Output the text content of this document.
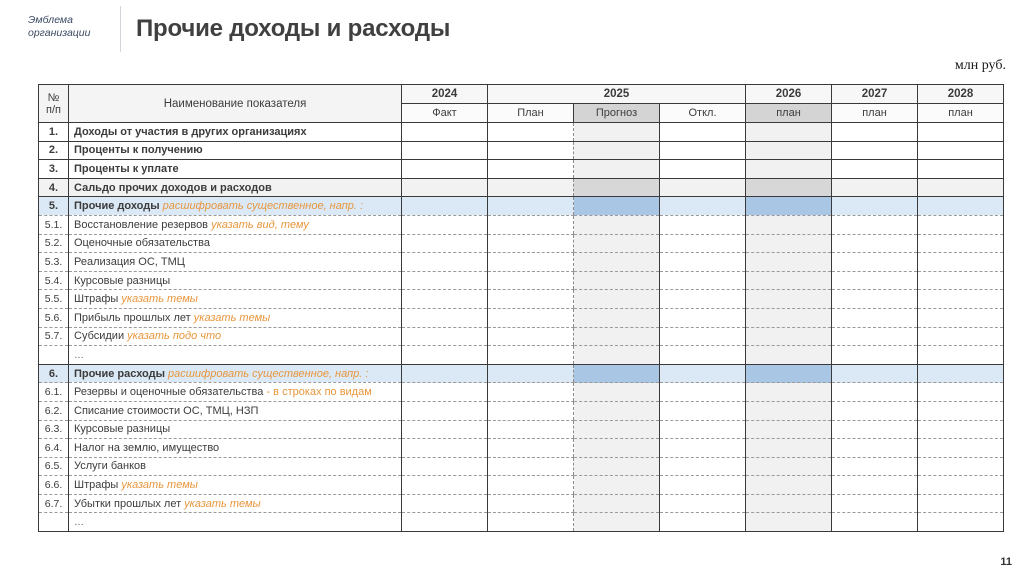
Эмблема
организации	Прочие доходы и расходы
млн руб.
№
п/п	Наименование показателя	2024	2025			2026	2027	2028
		Факт	План	Прогноз	Откл.	план	план	план
1.	Доходы от участия в других организациях							
2.	Проценты к получению							
3.	Проценты к уплате							
4.	Сальдо прочих доходов и расходов							
5.	Прочие доходы расшифровать существенное, напр. :							
5.1.	Восстановление резервов указать вид, тему							
5.2.	Оценочные обязательства							
5.3.	Реализация ОС, ТМЦ							
5.4.	Курсовые разницы							
5.5.	Штрафы указать темы							
5.6.	Прибыль прошлых лет указать темы							
5.7.	Субсидии указать подо что							
	…							
6.	Прочие расходы расшифровать существенное, напр. :							
6.1.	Резервы и оценочные обязательства - в строках по видам							
6.2.	Списание стоимости ОС, ТМЦ, НЗП							
6.3.	Курсовые разницы							
6.4.	Налог на землю, имущество							
6.5.	Услуги банков							
6.6.	Штрафы указать темы							
6.7.	Убытки прошлых лет указать темы							
	…							
11
